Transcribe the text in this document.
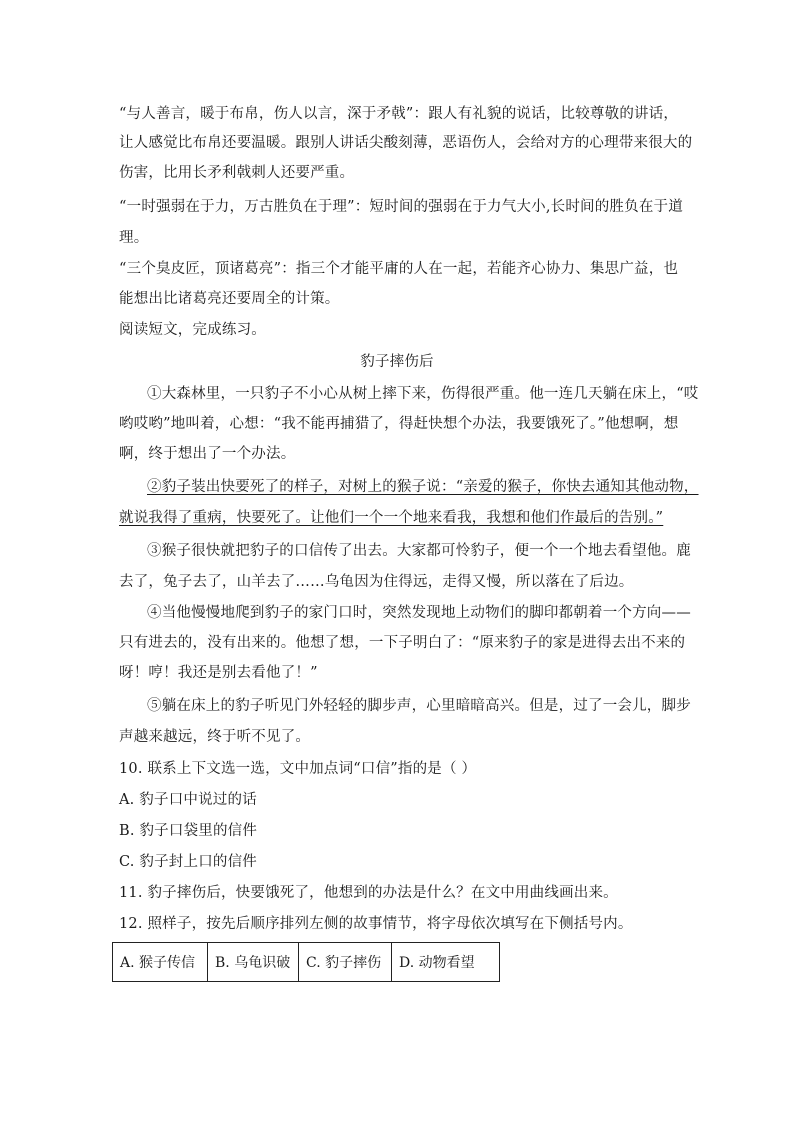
“与人善言，暖于布帛，伤人以言，深于矛戟”：跟人有礼貌的说话，比较尊敬的讲话，
让人感觉比布帛还要温暖。跟别人讲话尖酸刻薄，恶语伤人，会给对方的心理带来很大的
伤害，比用长矛利戟刺人还要严重。
“一时强弱在于力，万古胜负在于理”：短时间的强弱在于力气大小,长时间的胜负在于道
理。
“三个臭皮匠，顶诸葛亮”：指三个才能平庸的人在一起，若能齐心协力、集思广益，也
能想出比诸葛亮还要周全的计策。
阅读短文，完成练习。
豹子摔伤后
①大森林里，一只豹子不小心从树上摔下来，伤得很严重。他一连几天躺在床上，“哎
哟哎哟”地叫着，心想：“我不能再捕猎了，得赶快想个办法，我要饿死了。”他想啊，想
啊，终于想出了一个办法。
②豹子装出快要死了的样子，对树上的猴子说：“亲爱的猴子，你快去通知其他动物，
就说我得了重病，快要死了。让他们一个一个地来看我，我想和他们作最后的告别。”
③猴子很快就把豹子的口信传了出去。大家都可怜豹子，便一个一个地去看望他。鹿
去了，兔子去了，山羊去了……乌龟因为住得远，走得又慢，所以落在了后边。
④当他慢慢地爬到豹子的家门口时，突然发现地上动物们的脚印都朝着一个方向——
只有进去的，没有出来的。他想了想，一下子明白了：“原来豹子的家是进得去出不来的
呀！哼！我还是别去看他了！”
⑤躺在床上的豹子听见门外轻轻的脚步声，心里暗暗高兴。但是，过了一会儿，脚步
声越来越远，终于听不见了。
10. 联系上下文选一选，文中加点词“口信”指的是（ ）
A. 豹子口中说过的话
B. 豹子口袋里的信件
C. 豹子封上口的信件
11. 豹子摔伤后，快要饿死了，他想到的办法是什么？在文中用曲线画出来。
12. 照样子，按先后顺序排列左侧的故事情节，将字母依次填写在下侧括号内。
A. 猴子传信	B. 乌龟识破	C. 豹子摔伤	D. 动物看望
